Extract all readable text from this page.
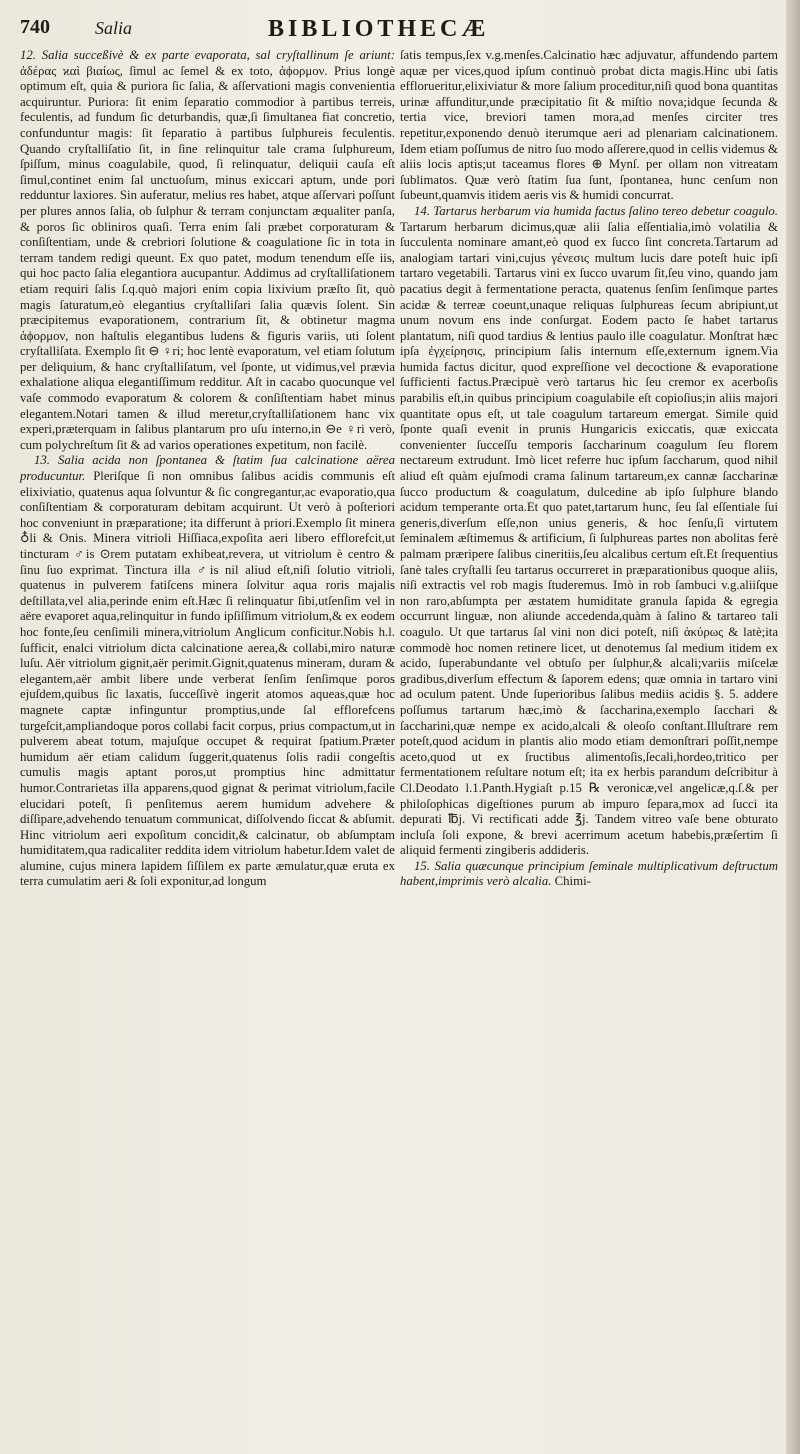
740	Salia	BIBLIOTHECÆ

12. Salia succeßivè & ex parte evaporata, sal cryſtallinum ſe ariunt: ἀδέρας ϰαὶ βιαίως, ſimul ac ſemel & ex toto, ἀϕορμον. Prius longè optimum eſt, quia & puriora ſic ſalia, & aſſervationi magis convenientia acquiruntur. Puriora: ſit enim ſeparatio commodior à partibus terreis, feculentis, ad fundum ſic deturbandis, quæ,ſi ſimultanea fiat concretio, confunduntur magis: ſit ſeparatio à partibus ſulphureis feculentis. Quando cryſtalliſatio ſit, in ſine relinquitur tale crama ſulphureum, ſpiſſum, minus coagulabile, quod, ſi relinquatur, deliquii cauſa eſt ſimul,continet enim ſal unctuoſum, minus exiccari aptum, unde pori redduntur laxiores. Sin auferatur, melius res habet, atque aſſervari poſſunt per plures annos ſalia, ob ſulphur & terram conjunctam æqualiter panſa, & poros ſic obliniros quaſi. Terra enim ſali præbet corporaturam & conſiſtentiam, unde & crebriori ſolutione & coagulatione ſic in tota in terram tandem redigi queunt. Ex quo patet, modum tenendum eſſe iis, qui hoc pacto ſalia elegantiora aucupantur. Addimus ad cryſtalliſationem etiam requiri ſalis ſ.q.quò majori enim copia lixivium præſto ſit, quò magis ſaturatum,eò elegantius cryſtalliſari ſalia quævis ſolent. Sin præcipitemus evaporationem, contrarium ſit, & obtinetur magma ἀϕορμον, non haſtulis elegantibus ludens & figuris variis, uti ſolent cryſtalliſata. Exemplo ſit ⊖ ♀ri; hoc lentè evaporatum, vel etiam ſolutum per deliquium, & hanc cryſtalliſatum, vel ſponte, ut vidimus,vel prævia exhalatione aliqua elegantiſſimum redditur. Aſt in cacabo quocunque vel vaſe commodo evaporatum & colorem & conſiſtentiam habet minus elegantem.Notari tamen & illud meretur,cryſtalliſationem hanc vix experi,præterquam in ſalibus plantarum pro uſu interno,in ⊖e ♀ri verò, cum polychreſtum ſit & ad varios operationes expetitum, non facilè.

13. Salia acida non ſpontanea & ſtatim ſua calcinatione aërea producuntur. Pleriſque ſi non omnibus ſalibus acidis communis eſt elixiviatio, quatenus aqua ſolvuntur & ſic congregantur,ac evaporatio,qua conſiſtentiam & corporaturam debitam acquirunt. Ut verò à poſteriori hoc conveniunt in præparatione; ita differunt à priori.Exemplo ſit minera ♁li & Onis. Minera vitrioli Hiſſiaca,expoſita aeri libero efflorefcit,ut tincturam ♂is ⊙rem putatam exhibeat,revera, ut vitriolum è centro & ſinu ſuo exprimat. Tinctura illa ♂is nil aliud eſt,niſi ſolutio vitrioli, quatenus in pulverem fatiſcens minera ſolvitur aqua roris majalis deſtillata,vel alia,perinde enim eſt.Hæc ſi relinquatur ſibi,utſenſim vel in aëre evaporet aqua,relinquitur in fundo ipſiſſimum vitriolum,& ex eodem hoc fonte,ſeu cenſimili minera,vitriolum Anglicum conficitur.Nobis h.l. ſufficit, enalci vitriolum dicta calcinatione aerea,& collabi,miro naturæ luſu. Aër vitriolum gignit,aër perimit.Gignit,quatenus mineram, duram & elegantem,aër ambit libere unde verberat ſenſim ſenſimque poros ejuſdem,quibus ſic laxatis, ſucceſſivè ingerit atomos aqueas,quæ hoc magnete captæ infinguntur promptius,unde ſal efflorefcens turgeſcit,ampliandoque poros collabi facit corpus, prius compactum,ut in pulverem abeat totum, majuſque occupet & requirat ſpatium.Præter humidum aër etiam calidum ſuggerit,quatenus ſolis radii congeſtis cumulis magis aptant poros,ut promptius hinc admittatur humor.Contrarietas illa apparens,quod gignat & perimat vitriolum,facile elucidari poteſt, ſi penſitemus aerem humidum advehere & diſſipare,advehendo tenuatum communicat, diſſolvendo ſiccat & abſumit. Hinc vitriolum aeri expoſitum concidit,& calcinatur, ob abſumptam humiditatem,qua radicaliter reddita idem vitriolum habetur.Idem valet de alumine, cujus minera lapidem ſiſſilem ex parte æmulatur,quæ eruta ex terra cumulatim aeri & ſoli exponitur,ad longum

ſatis tempus,ſex v.g.menſes.Calcinatio hæc adjuvatur, affundendo partem aquæ per vices,quod ipſum continuò probat dicta magis.Hinc ubi ſatis efflorueritur,elixiviatur & more ſalium proceditur,niſi quod bona quantitas urinæ affunditur,unde præcipitatio ſit & miſtio nova;idque ſecunda & tertia vice, breviori tamen mora,ad menſes circiter tres repetitur,exponendo denuò iterumque aeri ad plenariam calcinationem. Idem etiam poſſumus de nitro ſuo modo aſſerere,quod in cellis videmus & aliis locis aptis;ut taceamus flores ⊕ Mynſ. per ollam non vitreatam ſublimatos. Quæ verò ſtatim ſua ſunt, ſpontanea, hunc cenſum non ſubeunt,quamvis itidem aeris vis & humidi concurrat.

14. Tartarus herbarum via humida factus ſalino tereo debetur coagulo. Tartarum herbarum dicimus,quæ alii ſalia eſſentialia,imò volatilia & ſucculenta nominare amant,eò quod ex ſucco ſint concreta.Tartarum ad analogiam tartari vini,cujus γένεσις multum lucis dare poteſt huic ipſi tartaro vegetabili. Tartarus vini ex ſucco uvarum ſit,ſeu vino, quando jam pacatius degit à fermentatione peracta, quatenus ſenſim ſenſimque partes acidæ & terreæ coeunt,unaque reliquas ſulphureas ſecum abripiunt,ut unum novum ens inde conſurgat. Eodem pacto ſe habet tartarus plantatum, niſi quod tardius & lentius paulo ille coagulatur. Monſtrat hæc ipſa ἐγχείρησις, principium ſalis internum eſſe,externum ignem.Via humida factus dicitur, quod expreſſione vel decoctione & evaporatione ſufficienti factus.Præcipuè verò tartarus hic ſeu cremor ex acerboſis parabilis eſt,in quibus principium coagulabile eſt copioſius;in aliis majori quantitate opus eſt, ut tale coagulum tartareum emergat. Simile quid ſponte quaſi evenit in prunis Hungaricis exiccatis, quæ exiccata convenienter ſucceſſu temporis ſaccharinum coagulum ſeu florem nectareum extrudunt. Imò licet referre huc ipſum ſaccharum, quod nihil aliud eſt quàm ejuſmodi crama ſalinum tartareum,ex cannæ ſaccharinæ ſucco productum & coagulatum, dulcedine ab ipſo ſulphure blando acidum temperante orta.Et quo patet,tartarum hunc, ſeu ſal eſſentiale ſui generis,diverſum eſſe,non unius generis, & hoc ſenſu,ſi virtutem ſeminalem æſtimemus & artificium, ſi ſulphureas partes non abolitas ferè palmam præripere ſalibus cineritiis,ſeu alcalibus certum eſt.Et ſrequentius ſanè tales cryſtalli ſeu tartarus occurreret in præparationibus quoque aliis, niſi extractis vel rob magis ſtuderemus. Imò in rob ſambuci v.g.aliiſque non raro,abſumpta per æstatem humiditate granula ſapida & egregia occurrunt linguæ, non aliunde accedenda,quàm à ſalino & tartareo tali coagulo. Ut que tartarus ſal vini non dici poteſt, niſi ἀκύρως & latè;ita commodè hoc nomen retinere licet, ut denotemus ſal medium itidem ex acido, ſuperabundante vel obtuſo per ſulphur,& alcali;variis miſcelæ gradibus,diverſum effectum & ſaporem edens; quæ omnia in tartaro vini ad oculum patent. Unde ſuperioribus ſalibus mediis acidis §. 5. addere poſſumus tartarum hæc,imò & ſaccharina,exemplo ſacchari & ſaccharini,quæ nempe ex acido,alcali & oleoſo conſtant.Illuſtrare rem poteſt,quod acidum in plantis alio modo etiam demonſtrari poſſit,nempe aceto,quod ut ex ſructibus alimentoſis,ſecali,hordeo,tritico per fermentationem reſultare notum eſt; ita ex herbis parandum deſcribitur à Cl.Deodato l.1.Panth.Hygiaſt p.15 ℞ veronicæ,vel angelicæ,q.ſ.& per philoſophicas digeſtiones purum ab impuro ſepara,mox ad ſucci ita depurati ℔j. Vi rectificati adde ℥j. Tandem vitreo vaſe bene obturato incluſa ſoli expone, & brevi acerrimum acetum habebis,præſertim ſi aliquid fermenti zingiberis addideris.

15. Salia quæcunque principium ſeminale multiplicativum deſtructum habent,imprimis verò alcalia. Chimi-
